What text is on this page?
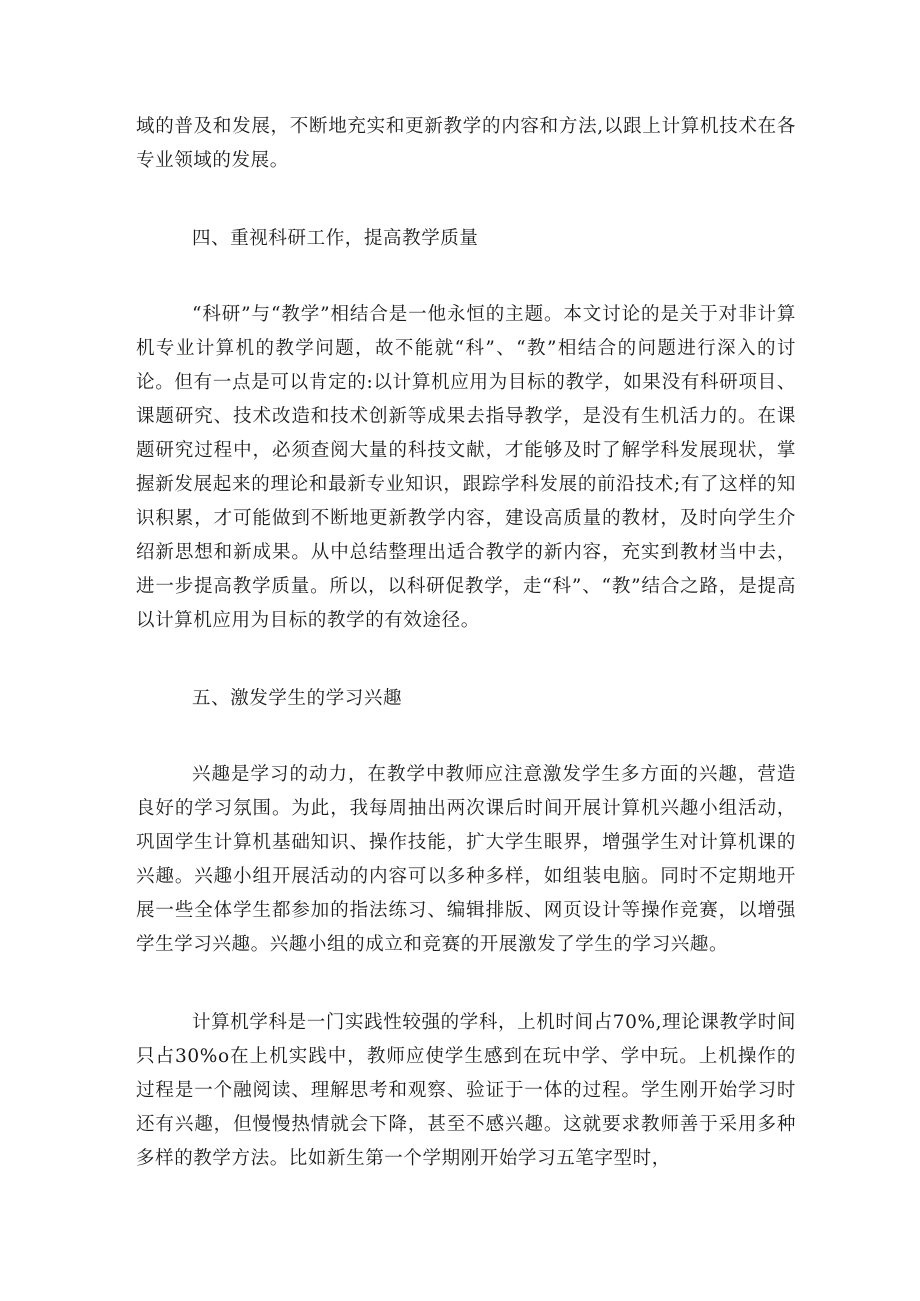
域的普及和发展，不断地充实和更新教学的内容和方法,以跟上计算机技术在各专业领域的发展。

四、重视科研工作，提高教学质量

“科研”与“教学”相结合是一他永恒的主题。本文讨论的是关于对非计算机专业计算机的教学问题，故不能就“科”、“教”相结合的问题进行深入的讨论。但有一点是可以肯定的:以计算机应用为目标的教学，如果没有科研项目、课题研究、技术改造和技术创新等成果去指导教学，是没有生机活力的。在课题研究过程中，必须查阅大量的科技文献，才能够及时了解学科发展现状，掌握新发展起来的理论和最新专业知识，跟踪学科发展的前沿技术;有了这样的知识积累，才可能做到不断地更新教学内容，建设高质量的教材，及时向学生介绍新思想和新成果。从中总结整理出适合教学的新内容，充实到教材当中去，进一步提高教学质量。所以，以科研促教学，走“科”、“教”结合之路，是提高以计算机应用为目标的教学的有效途径。

五、激发学生的学习兴趣

兴趣是学习的动力，在教学中教师应注意激发学生多方面的兴趣，营造良好的学习氛围。为此，我每周抽出两次课后时间开展计算机兴趣小组活动，巩固学生计算机基础知识、操作技能，扩大学生眼界，增强学生对计算机课的兴趣。兴趣小组开展活动的内容可以多种多样，如组装电脑。同时不定期地开展一些全体学生都参加的指法练习、编辑排版、网页设计等操作竞赛，以增强学生学习兴趣。兴趣小组的成立和竞赛的开展激发了学生的学习兴趣。

计算机学科是一门实践性较强的学科，上机时间占70%,理论课教学时间只占30%o在上机实践中，教师应使学生感到在玩中学、学中玩。上机操作的过程是一个融阅读、理解思考和观察、验证于一体的过程。学生刚开始学习时还有兴趣，但慢慢热情就会下降，甚至不感兴趣。这就要求教师善于采用多种多样的教学方法。比如新生第一个学期刚开始学习五笔字型时，
